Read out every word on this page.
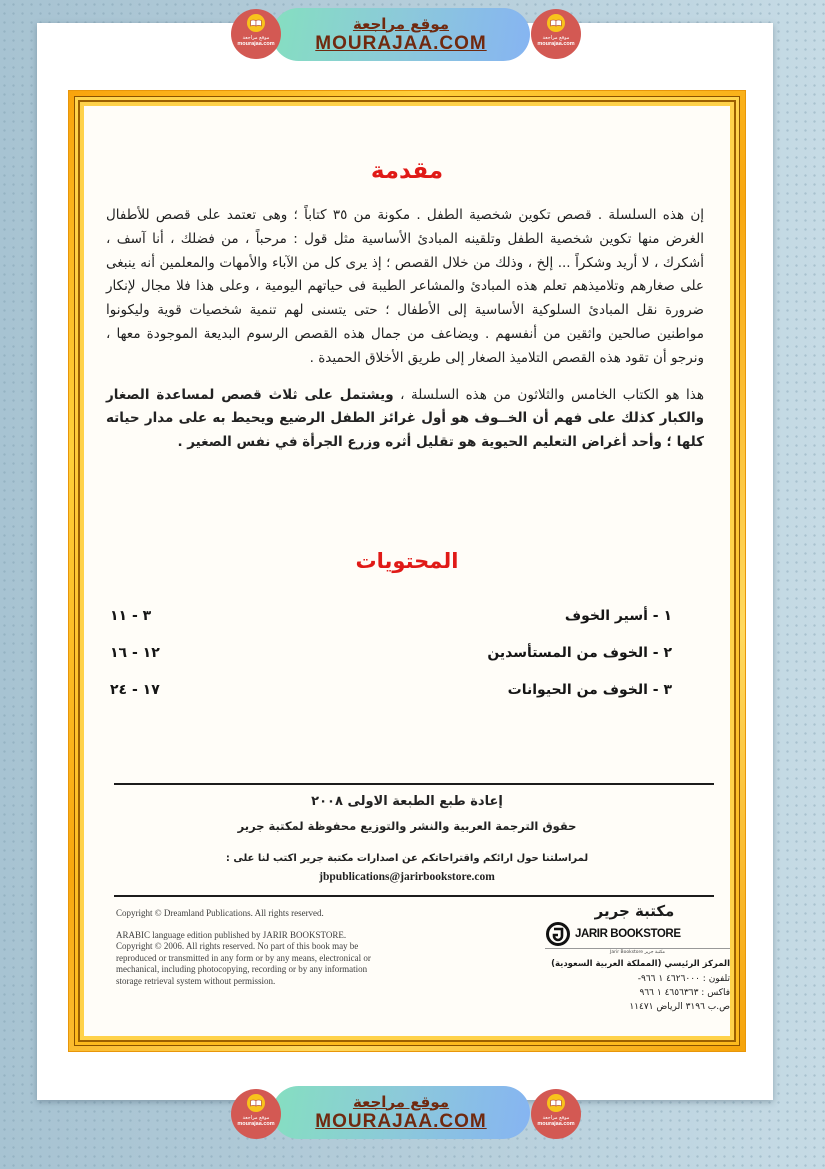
مقدمة

إن هذه السلسلة . قصص تكوين شخصية الطفل . مكونة من ٣٥ كتاباً ؛ وهى تعتمد على قصص للأطفال الغرض منها تكوين شخصية الطفل وتلقينه المبادئ الأساسية مثل قول : مرحباً ، من فضلك ، أنا آسف ، أشكرك ، لا أريد وشكراً ... إلخ ، وذلك من خلال القصص ؛ إذ يرى كل من الآباء والأمهات والمعلمين أنه ينبغى على صغارهم وتلاميذهم تعلم هذه المبادئ والمشاعر الطيبة فى حياتهم اليومية ، وعلى هذا فلا مجال لإنكار ضرورة نقل المبادئ السلوكية الأساسية إلى الأطفال ؛ حتى يتسنى لهم تنمية شخصيات قوية وليكونوا مواطنين صالحين واثقين من أنفسهم . ويضاعف من جمال هذه القصص الرسوم البديعة الموجودة معها ، ونرجو أن تقود هذه القصص التلاميذ الصغار إلى طريق الأخلاق الحميدة .

هذا هو الكتاب الخامس والثلاثون من هذه السلسلة ، ويشتمل على ثلاث قصص لمساعدة الصغار والكبار كذلك على فهم أن الخــوف هو أول غرائز الطفل الرضيع ويحيط به على مدار حياته كلها ؛ وأحد أغراض التعليم الحيوية هو تقليل أثره وزرع الجرأة في نفس الصغير .

المحتويات
١ - أسير الخوف
٣ - ١١
٢ - الخوف من المستأسدين
١٢ - ١٦
٣ - الخوف من الحيوانات
١٧ - ٢٤
إعادة طبع الطبعة الاولى ٢٠٠٨
حقوق الترجمة العربية والنشر والتوزيع محفوظة لمكتبة جرير
لمراسلتنا حول ارائكم واقتراحاتكم عن اصدارات مكتبة جرير اكتب لنا على :
jbpublications@jarirbookstore.com

Copyright © Dreamland Publications. All rights reserved.

ARABIC language edition published by JARIR BOOKSTORE. Copyright © 2006. All rights reserved. No part of this book may be reproduced or transmitted in any form or by any means, electronical or mechanical, including photocopying, recording or by any information storage retrieval system without permission.

مكتبة جرير
JARIR BOOKSTORE
مكتبة جرير Jarir Bookstore
المركز الرئيسي (المملكة العربية السعودية)
تلفون : ٤٦٢٦٠٠٠ ١ ٩٦٦-
فاكس : ٤٦٥٦٣٦٣ ١ ٩٦٦
ص.ب ٣١٩٦ الرياض ١١٤٧١
موقع مراجعة
MOURAJAA.COM
موقع مراجعة
mourajaa.com
موقع مراجعة
mourajaa.com
موقع مراجعة
MOURAJAA.COM
موقع مراجعة
mourajaa.com
موقع مراجعة
mourajaa.com
